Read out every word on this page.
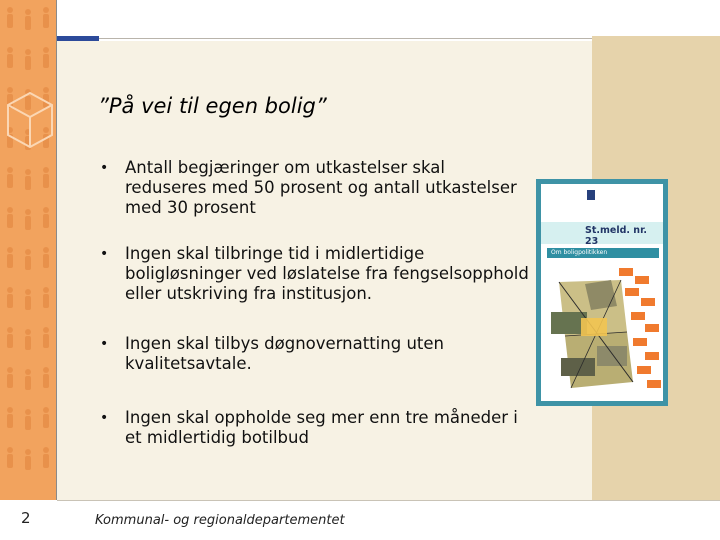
”På vei til egen bolig”
• Antall begjæringer om utkastelser skal reduseres med 50 prosent og antall utkastelser med 30 prosent
• Ingen skal tilbringe tid i midlertidige boligløsninger ved løslatelse fra fengselsopphold eller utskriving fra institusjon.
• Ingen skal tilbys døgnovernatting uten kvalitetsavtale.
• Ingen skal oppholde seg mer enn tre måneder i et midlertidig botilbud
St.meld. nr. 23
Om boligpolitikken
2	Kommunal- og regionaldepartementet
